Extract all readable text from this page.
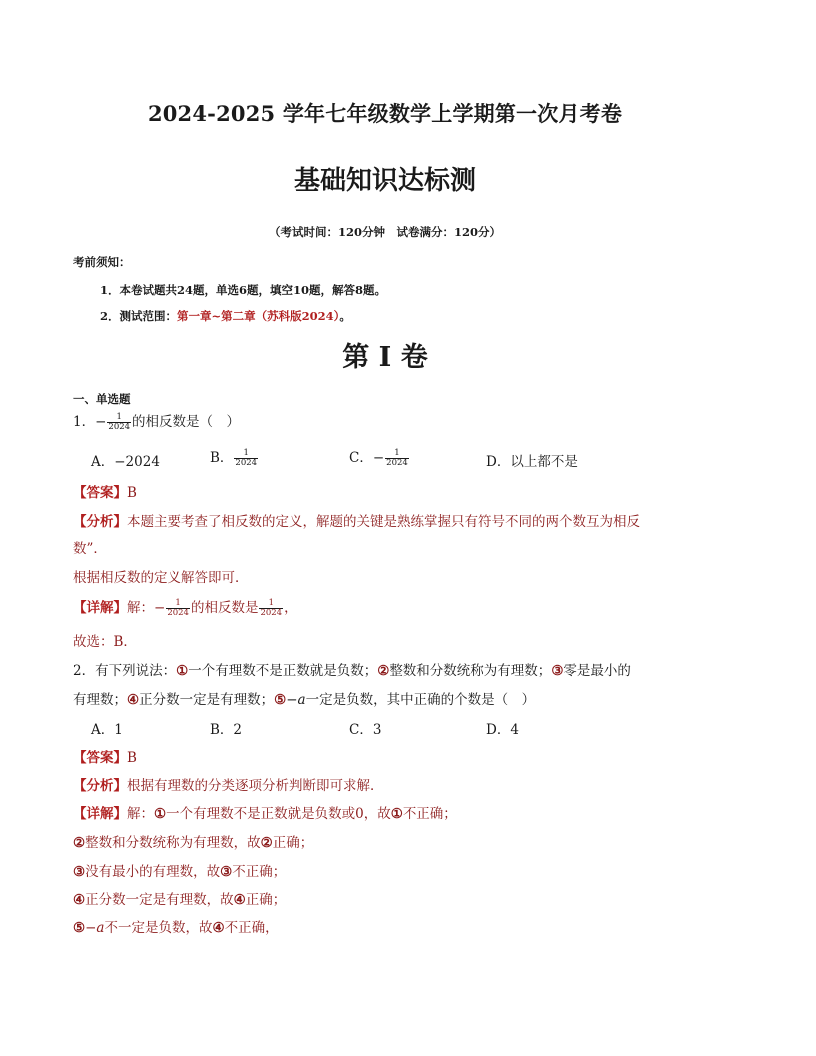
2024-2025 学年七年级数学上学期第一次月考卷
基础知识达标测
（考试时间：120分钟　试卷满分：120分）
考前须知：
1．本卷试题共24题，单选6题，填空10题，解答8题。
2．测试范围：第一章~第二章（苏科版2024）。
第 I 卷
一、单选题
1．− $\frac{1}{2024}$ 的相反数是（　）
A．−2024	B． $\frac{1}{2024}$	C．− $\frac{1}{2024}$	D．以上都不是
【答案】B
【分析】本题主要考查了相反数的定义，解题的关键是熟练掌握只有符号不同的两个数互为相反
数”．
根据相反数的定义解答即可．
【详解】解：− $\frac{1}{2024}$ 的相反数是 $\frac{1}{2024}$ ，
故选：B．
2．有下列说法：①一个有理数不是正数就是负数；②整数和分数统称为有理数；③零是最小的
有理数；④正分数一定是有理数；⑤−a一定是负数，其中正确的个数是（　）
A．1	B．2	C．3	D．4
【答案】B
【分析】根据有理数的分类逐项分析判断即可求解．
【详解】解：①一个有理数不是正数就是负数或0，故①不正确；
②整数和分数统称为有理数，故②正确；
③没有最小的有理数，故③不正确；
④正分数一定是有理数，故④正确；
⑤−a不一定是负数，故④不正确，
